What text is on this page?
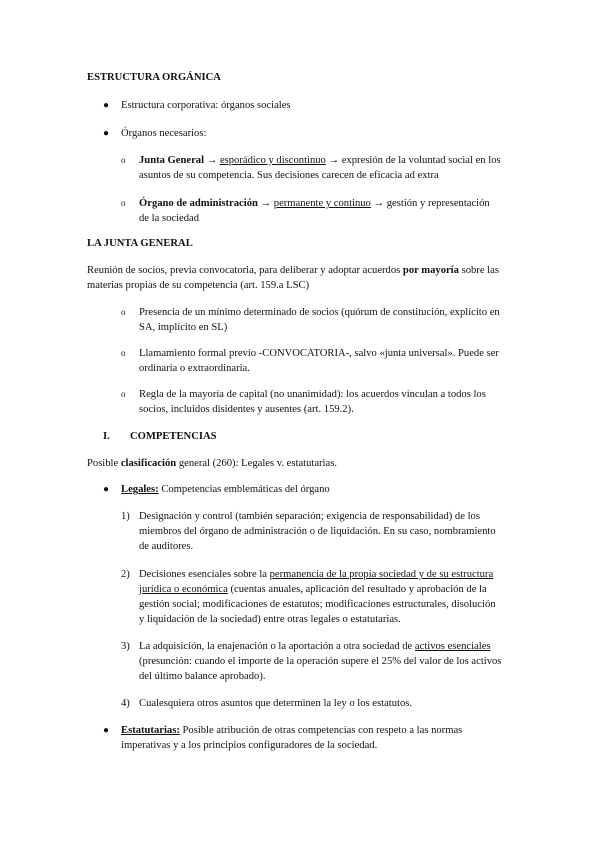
ESTRUCTURA ORGÁNICA
● Estructura corporativa: órganos sociales
● Órganos necesarios:
o Junta General → esporádico y discontinuo → expresión de la voluntad social en los
asuntos de su competencia. Sus decisiones carecen de eficacia ad extra
o Órgano de administración → permanente y continuo → gestión y representación
de la sociedad
LA JUNTA GENERAL
Reunión de socios, previa convocatoria, para deliberar y adoptar acuerdos por mayoría sobre las
materias propias de su competencia (art. 159.a LSC)
o Presencia de un mínimo determinado de socios (quórum de constitución, explícito en
SA, implícito en SL)
o Llamamiento formal previo -CONVOCATORIA-, salvo «junta universal». Puede ser
ordinaria o extraordinaria.
o Regla de la mayoría de capital (no unanimidad): los acuerdos vinculan a todos los
socios, incluidos disidentes y ausentes (art. 159.2).
I. COMPETENCIAS
Posible clasificación general (260): Legales v. estatutarias.
● Legales: Competencias emblemáticas del órgano
1) Designación y control (también separación; exigencia de responsabilidad) de los
miembros del órgano de administración o de liquidación. En su caso, nombramiento
de auditores.
2) Decisiones esenciales sobre la permanencia de la propia sociedad y de su estructura
jurídica o económica (cuentas anuales, aplicación del resultado y aprobación de la
gestión social; modificaciones de estatutos; modificaciones estructurales, disolución
y liquidación de la sociedad) entre otras legales o estatutarias.
3) La adquisición, la enajenación o la aportación a otra sociedad de activos esenciales
(presunción: cuando el importe de la operación supere el 25% del valor de los activos
del último balance aprobado).
4) Cualesquiera otros asuntos que determinen la ley o los estatutos.
● Estatutarias: Posible atribución de otras competencias con respeto a las normas
imperativas y a los principios configuradores de la sociedad.
